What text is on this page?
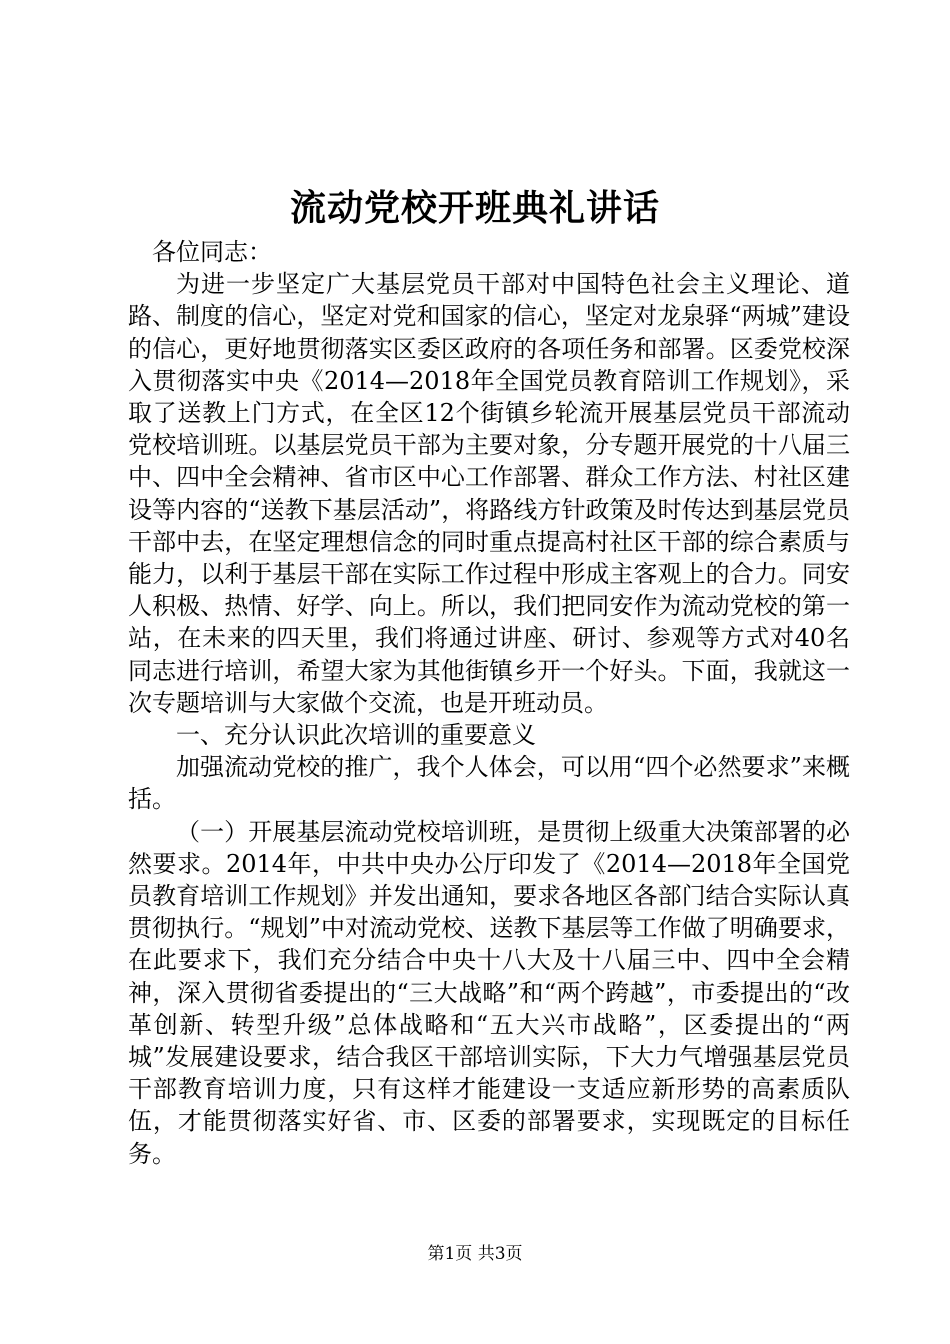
流动党校开班典礼讲话

各位同志：

为进一步坚定广大基层党员干部对中国特色社会主义理论、道路、制度的信心，坚定对党和国家的信心，坚定对龙泉驿“两城”建设的信心，更好地贯彻落实区委区政府的各项任务和部署。区委党校深入贯彻落实中央《2014—2018年全国党员教育陪训工作规划》，采取了送教上门方式，在全区12个街镇乡轮流开展基层党员干部流动党校培训班。以基层党员干部为主要对象，分专题开展党的十八届三中、四中全会精神、省市区中心工作部署、群众工作方法、村社区建设等内容的“送教下基层活动”，将路线方针政策及时传达到基层党员干部中去，在坚定理想信念的同时重点提高村社区干部的综合素质与能力，以利于基层干部在实际工作过程中形成主客观上的合力。同安人积极、热情、好学、向上。所以，我们把同安作为流动党校的第一站，在未来的四天里，我们将通过讲座、研讨、参观等方式对40名同志进行培训，希望大家为其他街镇乡开一个好头。下面，我就这一次专题培训与大家做个交流，也是开班动员。

一、充分认识此次培训的重要意义

加强流动党校的推广，我个人体会，可以用“四个必然要求”来概括。

（一）开展基层流动党校培训班，是贯彻上级重大决策部署的必然要求。2014年，中共中央办公厅印发了《2014—2018年全国党员教育培训工作规划》并发出通知，要求各地区各部门结合实际认真贯彻执行。“规划”中对流动党校、送教下基层等工作做了明确要求，在此要求下，我们充分结合中央十八大及十八届三中、四中全会精神，深入贯彻省委提出的“三大战略”和“两个跨越”，市委提出的“改革创新、转型升级”总体战略和“五大兴市战略”，区委提出的“两城”发展建设要求，结合我区干部培训实际，下大力气增强基层党员干部教育培训力度，只有这样才能建设一支适应新形势的高素质队伍，才能贯彻落实好省、市、区委的部署要求，实现既定的目标任务。

第1页 共3页
